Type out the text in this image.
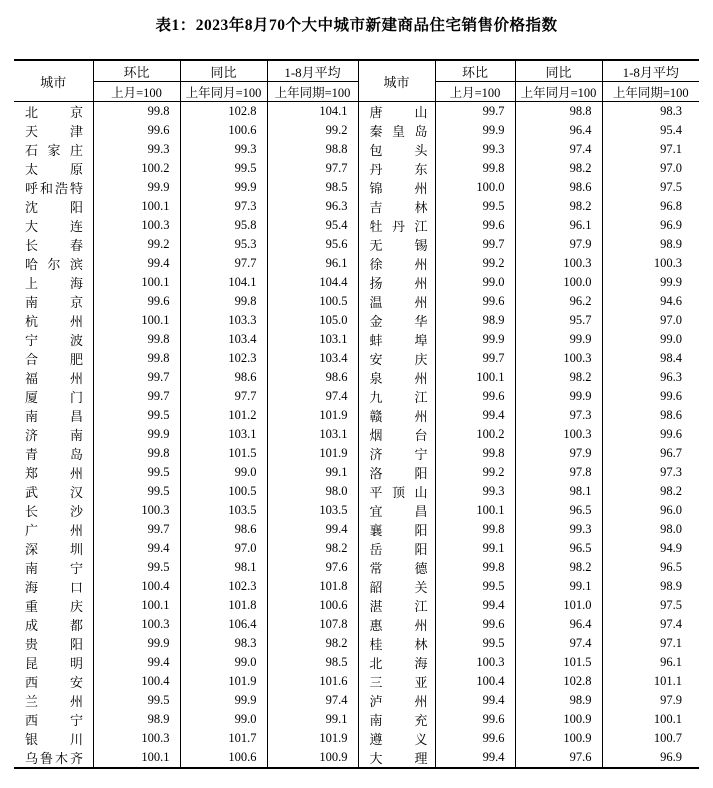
表1：2023年8月70个大中城市新建商品住宅销售价格指数
城市	环比	同比	1-8月平均	城市	环比	同比	1-8月平均
	上月=100	上年同月=100	上年同期=100		上月=100	上年同月=100	上年同期=100

北 京	99.8	102.8	104.1	唐 山	99.7	98.8	98.3

天 津	99.6	100.6	99.2	秦 皇 岛	99.9	96.4	95.4

石 家 庄	99.3	99.3	98.8	包 头	99.3	97.4	97.1

太 原	100.2	99.5	97.7	丹 东	99.8	98.2	97.0

呼 和 浩 特	99.9	99.9	98.5	锦 州	100.0	98.6	97.5

沈 阳	100.1	97.3	96.3	吉 林	99.5	98.2	96.8

大 连	100.3	95.8	95.4	牡 丹 江	99.6	96.1	96.9

长 春	99.2	95.3	95.6	无 锡	99.7	97.9	98.9

哈 尔 滨	99.4	97.7	96.1	徐 州	99.2	100.3	100.3

上 海	100.1	104.1	104.4	扬 州	99.0	100.0	99.9

南 京	99.6	99.8	100.5	温 州	99.6	96.2	94.6

杭 州	100.1	103.3	105.0	金 华	98.9	95.7	97.0

宁 波	99.8	103.4	103.1	蚌 埠	99.9	99.9	99.0

合 肥	99.8	102.3	103.4	安 庆	99.7	100.3	98.4

福 州	99.7	98.6	98.6	泉 州	100.1	98.2	96.3

厦 门	99.7	97.7	97.4	九 江	99.6	99.9	99.6

南 昌	99.5	101.2	101.9	赣 州	99.4	97.3	98.6

济 南	99.9	103.1	103.1	烟 台	100.2	100.3	99.6

青 岛	99.8	101.5	101.9	济 宁	99.8	97.9	96.7

郑 州	99.5	99.0	99.1	洛 阳	99.2	97.8	97.3

武 汉	99.5	100.5	98.0	平 顶 山	99.3	98.1	98.2

长 沙	100.3	103.5	103.5	宜 昌	100.1	96.5	96.0

广 州	99.7	98.6	99.4	襄 阳	99.8	99.3	98.0

深 圳	99.4	97.0	98.2	岳 阳	99.1	96.5	94.9

南 宁	99.5	98.1	97.6	常 德	99.8	98.2	96.5

海 口	100.4	102.3	101.8	韶 关	99.5	99.1	98.9

重 庆	100.1	101.8	100.6	湛 江	99.4	101.0	97.5

成 都	100.3	106.4	107.8	惠 州	99.6	96.4	97.4

贵 阳	99.9	98.3	98.2	桂 林	99.5	97.4	97.1

昆 明	99.4	99.0	98.5	北 海	100.3	101.5	96.1

西 安	100.4	101.9	101.6	三 亚	100.4	102.8	101.1

兰 州	99.5	99.9	97.4	泸 州	99.4	98.9	97.9

西 宁	98.9	99.0	99.1	南 充	99.6	100.9	100.1

银 川	100.3	101.7	101.9	遵 义	99.6	100.9	100.7

乌 鲁 木 齐	100.1	100.6	100.9	大 理	99.4	97.6	96.9
